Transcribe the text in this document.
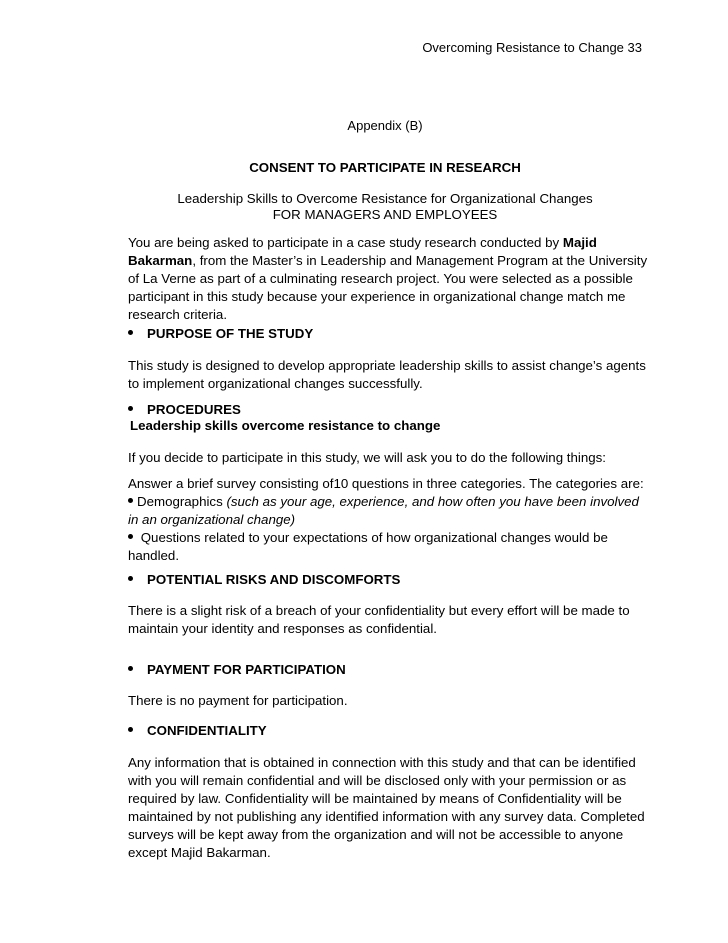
Overcoming Resistance to Change 33
Appendix (B)
CONSENT TO PARTICIPATE IN RESEARCH
Leadership Skills to Overcome Resistance for Organizational Changes
FOR MANAGERS AND EMPLOYEES

You are being asked to participate in a case study research conducted by Majid
Bakarman, from the Master’s in Leadership and Management Program at the University of La Verne as part of a culminating research project. You were selected as a possible participant in this study because your experience in organizational change match me research criteria.

PURPOSE OF THE STUDY

This study is designed to develop appropriate leadership skills to assist change’s agents to implement organizational changes successfully.

PROCEDURES
Leadership skills overcome resistance to change

If you decide to participate in this study, we will ask you to do the following things:

Answer a brief survey consisting of10 questions in three categories. The categories are:

Demographics (such as your age, experience, and how often you have been involved in an organizational change)

Questions related to your expectations of how organizational changes would be handled.

POTENTIAL RISKS AND DISCOMFORTS

There is a slight risk of a breach of your confidentiality but every effort will be made to maintain your identity and responses as confidential.

PAYMENT FOR PARTICIPATION

There is no payment for participation.

CONFIDENTIALITY

Any information that is obtained in connection with this study and that can be identified with you will remain confidential and will be disclosed only with your permission or as required by law. Confidentiality will be maintained by means of Confidentiality will be maintained by not publishing any identified information with any survey data. Completed surveys will be kept away from the organization and will not be accessible to anyone except Majid Bakarman.
